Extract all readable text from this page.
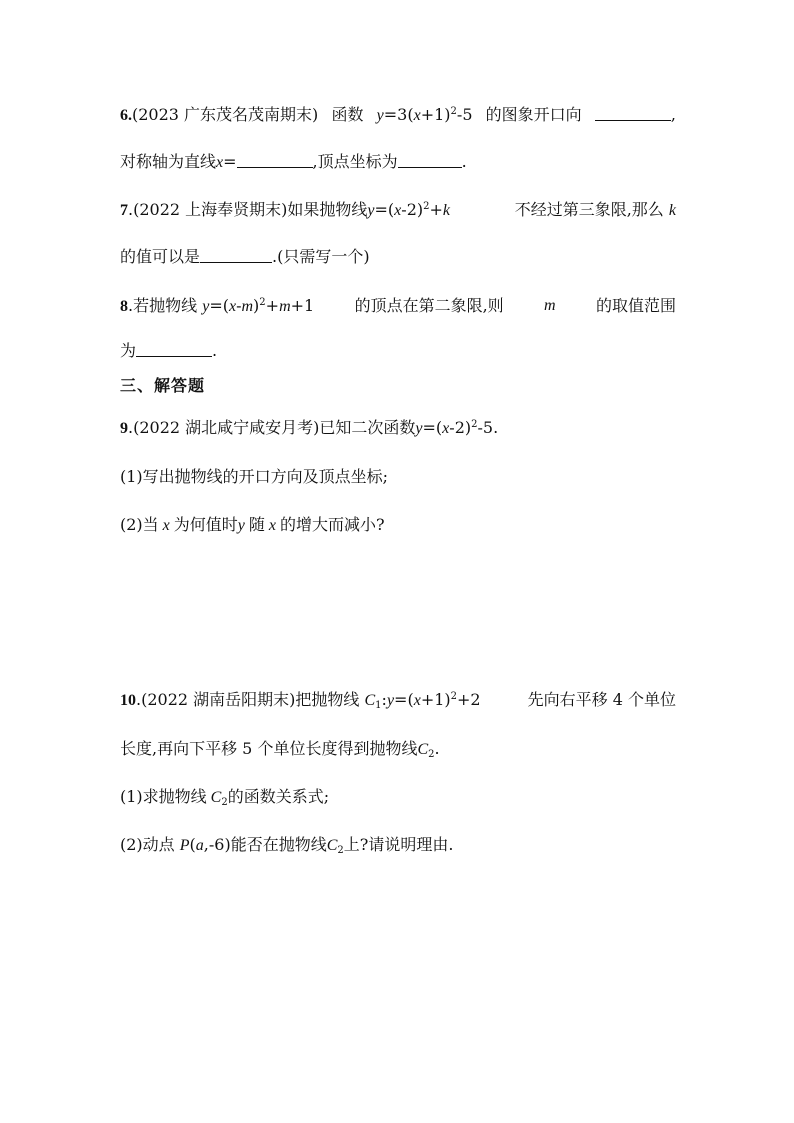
6.(2023 广东茂名茂南期末) 函数 $y=3(x+1)^2-5$ 的图象开口向	,
对称轴为直线x=	,顶点坐标为	.
7.(2022 上海奉贤期末)如果抛物线$y=(x-2)^2+k$	不经过第三象限,那么 k
的值可以是	.(只需写一个)
8.若抛物线 $y=(x-m)^2+m+1$	的顶点在第二象限,则	m	的取值范围
为	.
三、解答题
9.(2022 湖北咸宁咸安月考)已知二次函数$y=(x-2)^2-5$.
(1)写出抛物线的开口方向及顶点坐标;
(2)当 x 为何值时y 随 x 的增大而减小?
10.(2022 湖南岳阳期末)把抛物线 $C_1:y=(x+1)^2+2$	先向右平移 4 个单位
长度,再向下平移 5 个单位长度得到抛物线$C_2$.
(1)求抛物线 $C_2$的函数关系式;
(2)动点 P(a,-6)能否在抛物线$C_2$上?请说明理由.
